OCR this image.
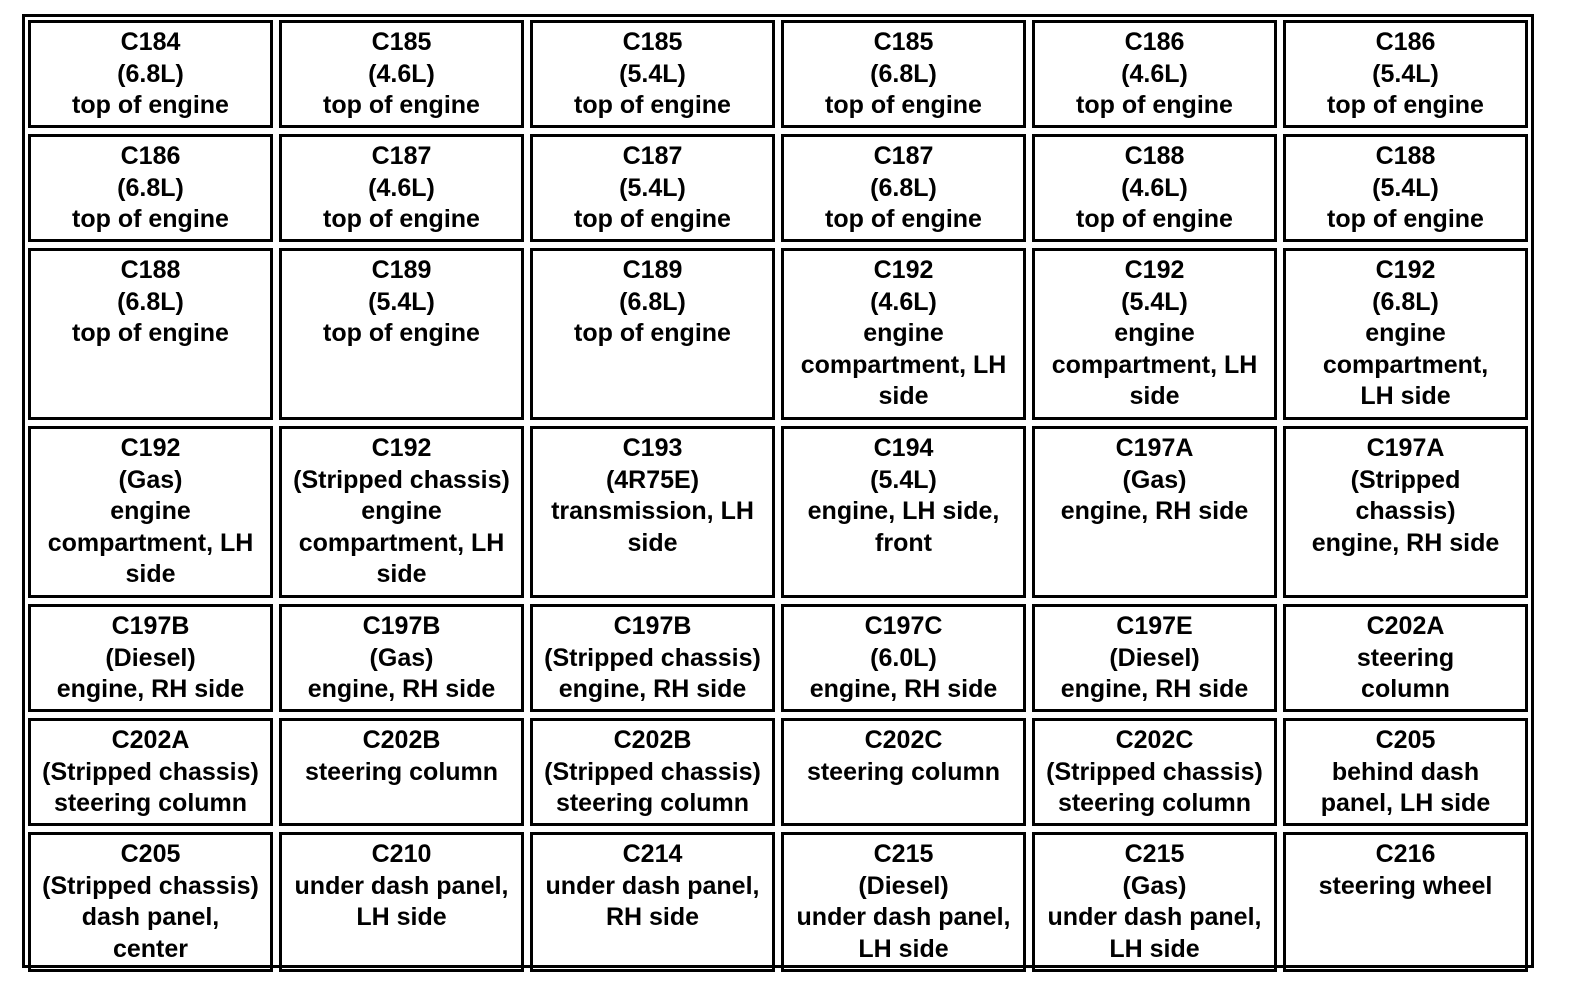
C184
(6.8L)
top of engine
C185
(4.6L)
top of engine
C185
(5.4L)
top of engine
C185
(6.8L)
top of engine
C186
(4.6L)
top of engine
C186
(5.4L)
top of engine
C186
(6.8L)
top of engine
C187
(4.6L)
top of engine
C187
(5.4L)
top of engine
C187
(6.8L)
top of engine
C188
(4.6L)
top of engine
C188
(5.4L)
top of engine
C188
(6.8L)
top of engine
C189
(5.4L)
top of engine
C189
(6.8L)
top of engine
C192
(4.6L)
engine
compartment, LH
side
C192
(5.4L)
engine
compartment, LH
side
C192
(6.8L)
engine
compartment,
LH side
C192
(Gas)
engine
compartment, LH
side
C192
(Stripped chassis)
engine
compartment, LH
side
C193
(4R75E)
transmission, LH
side
C194
(5.4L)
engine, LH side,
front
C197A
(Gas)
engine, RH side
C197A
(Stripped
chassis)
engine, RH side
C197B
(Diesel)
engine, RH side
C197B
(Gas)
engine, RH side
C197B
(Stripped chassis)
engine, RH side
C197C
(6.0L)
engine, RH side
C197E
(Diesel)
engine, RH side
C202A
steering
column
C202A
(Stripped chassis)
steering column
C202B
steering column
C202B
(Stripped chassis)
steering column
C202C
steering column
C202C
(Stripped chassis)
steering column
C205
behind dash
panel, LH side
C205
(Stripped chassis)
dash panel,
center
C210
under dash panel,
LH side
C214
under dash panel,
RH side
C215
(Diesel)
under dash panel,
LH side
C215
(Gas)
under dash panel,
LH side
C216
steering wheel
